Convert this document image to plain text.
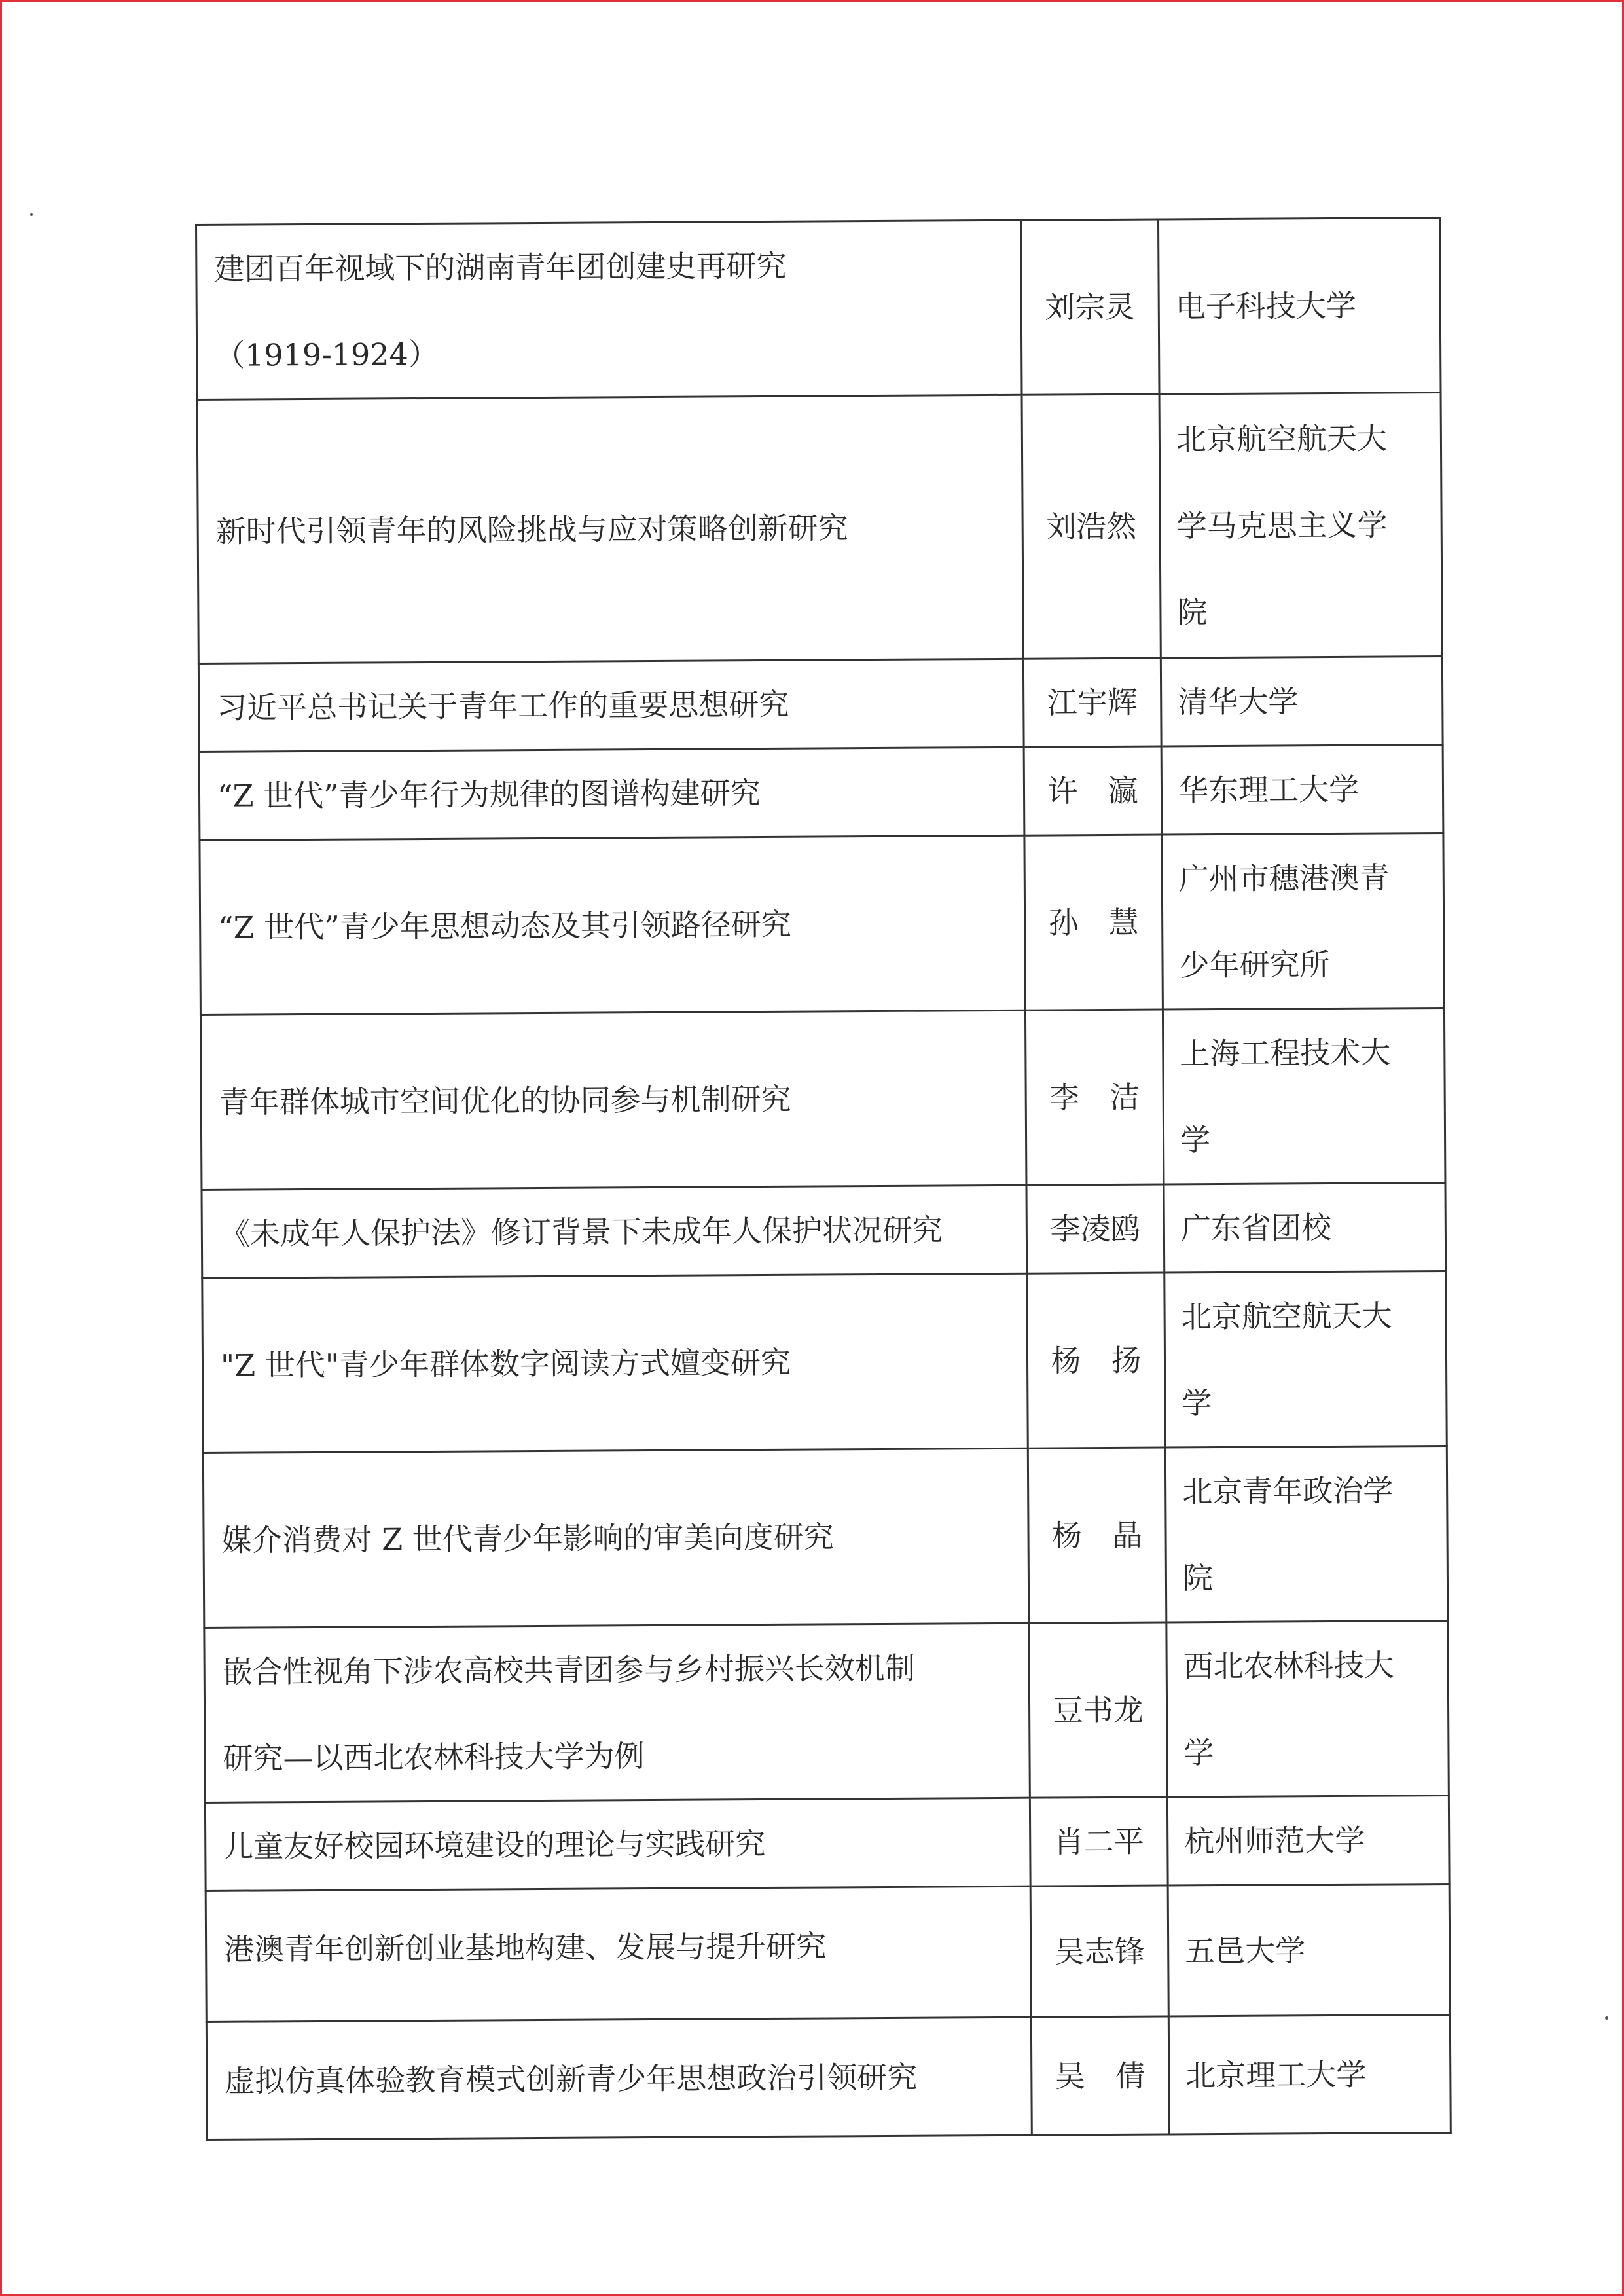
建团百年视域下的湖南青年团创建史再研究
（1919-1924）	刘宗灵	电子科技大学

新时代引领青年的风险挑战与应对策略创新研究	刘浩然	北京航空航天大
学马克思主义学
院

习近平总书记关于青年工作的重要思想研究	江宇辉	清华大学

“Z 世代”青少年行为规律的图谱构建研究	许　瀛	华东理工大学

“Z 世代”青少年思想动态及其引领路径研究	孙　慧	广州市穗港澳青
少年研究所

青年群体城市空间优化的协同参与机制研究	李　洁	上海工程技术大
学

《未成年人保护法》修订背景下未成年人保护状况研究	李凌鸥	广东省团校

"Z 世代"青少年群体数字阅读方式嬗变研究	杨　扬	北京航空航天大
学

媒介消费对 Z 世代青少年影响的审美向度研究	杨　晶	北京青年政治学
院

嵌合性视角下涉农高校共青团参与乡村振兴长效机制
研究—以西北农林科技大学为例	豆书龙	西北农林科技大
学

儿童友好校园环境建设的理论与实践研究	肖二平	杭州师范大学

港澳青年创新创业基地构建、发展与提升研究	吴志锋	五邑大学

虚拟仿真体验教育模式创新青少年思想政治引领研究	吴　倩	北京理工大学
